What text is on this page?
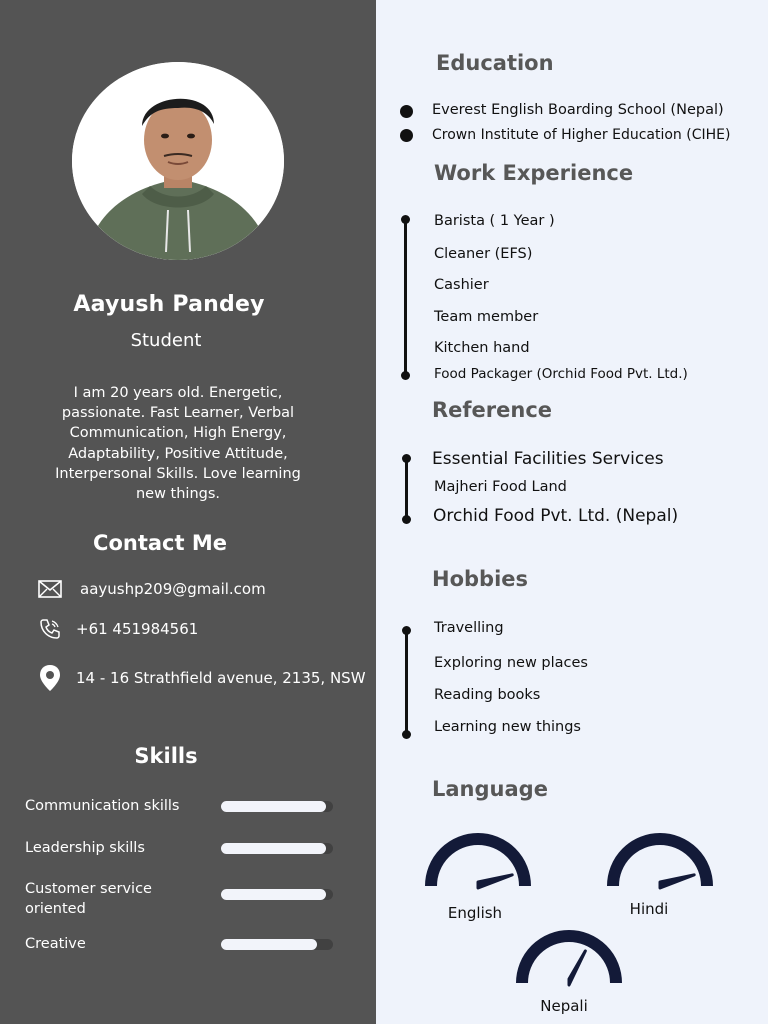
Aayush Pandey
Student
I am 20 years old. Energetic, passionate. Fast Learner, Verbal Communication, High Energy, Adaptability, Positive Attitude, Interpersonal Skills. Love learning new things.
Contact Me
aayushp209@gmail.com
+61 451984561
14 - 16 Strathfield avenue, 2135, NSW
Skills
Communication skills
Leadership skills
Customer service oriented
Creative
Education
Everest English Boarding School (Nepal)
Crown Institute of Higher Education (CIHE)
Work Experience
Barista ( 1 Year )
Cleaner (EFS)
Cashier
Team member
Kitchen hand
Food Packager (Orchid Food Pvt. Ltd.)
Reference
Essential Facilities Services
Majheri Food Land
Orchid Food Pvt. Ltd. (Nepal)
Hobbies
Travelling
Exploring new places
Reading books
Learning new things
Language
English	Hindi
Nepali
